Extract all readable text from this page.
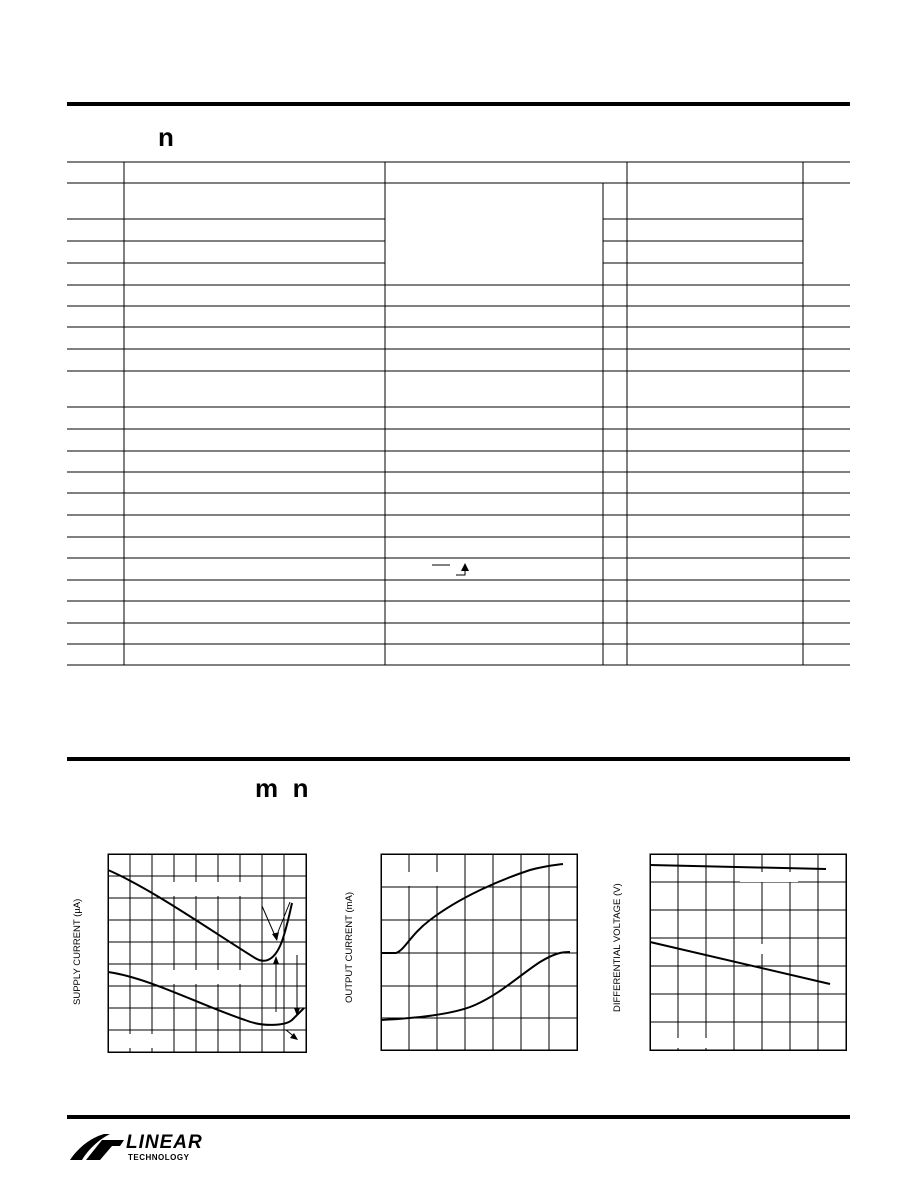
n
m  n
SUPPLY CURRENT (µA)	OUTPUT CURRENT (mA)	DIFFERENTIAL VOLTAGE (V)
LINEAR
TECHNOLOGY
